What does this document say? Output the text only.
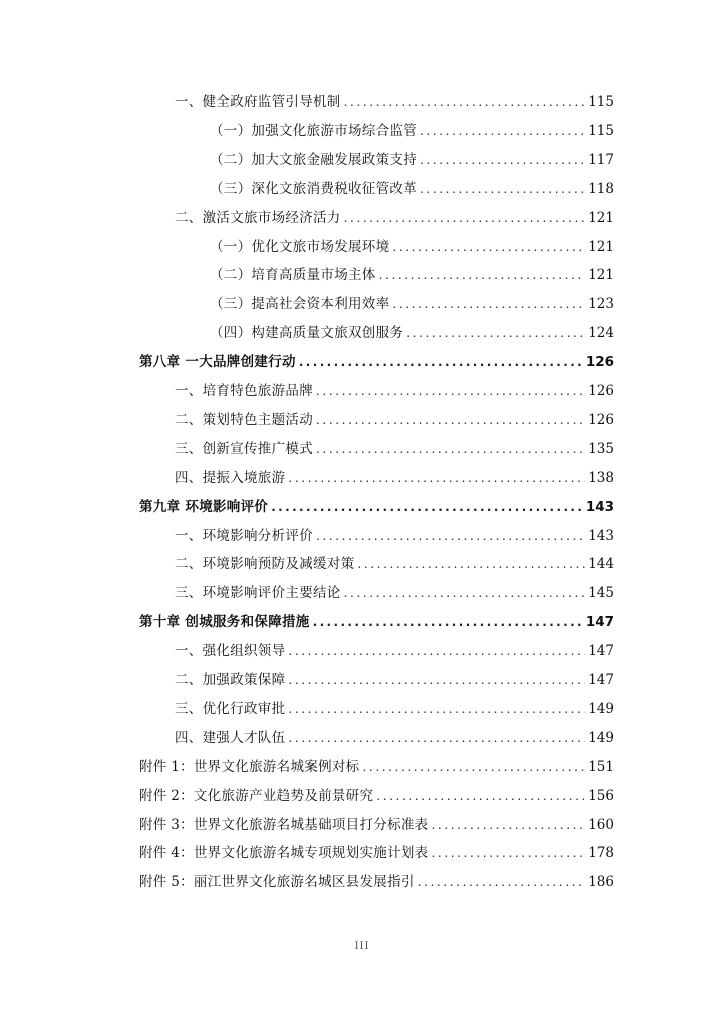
一、健全政府监管引导机制 .....	115
（一）加强文化旅游市场综合监管 .....	115
（二）加大文旅金融发展政策支持 .....	117
（三）深化文旅消费税收征管改革 .....	118
二、激活文旅市场经济活力 .....	121
（一）优化文旅市场发展环境 .....	121
（二）培育高质量市场主体 .....	121
（三）提高社会资本利用效率 .....	123
（四）构建高质量文旅双创服务 .....	124
第八章 一大品牌创建行动 .....	126
一、培育特色旅游品牌 .....	126
二、策划特色主题活动 .....	126
三、创新宣传推广模式 .....	135
四、提振入境旅游 .....	138
第九章 环境影响评价 .....	143
一、环境影响分析评价 .....	143
二、环境影响预防及减缓对策 .....	144
三、环境影响评价主要结论 .....	145
第十章 创城服务和保障措施 .....	147
一、强化组织领导 .....	147
二、加强政策保障 .....	147
三、优化行政审批 .....	149
四、建强人才队伍 .....	149
附件 1：世界文化旅游名城案例对标 .....	151
附件 2：文化旅游产业趋势及前景研究 .....	156
附件 3：世界文化旅游名城基础项目打分标准表 .....	160
附件 4：世界文化旅游名城专项规划实施计划表 .....	178
附件 5：丽江世界文化旅游名城区县发展指引 .....	186
III
